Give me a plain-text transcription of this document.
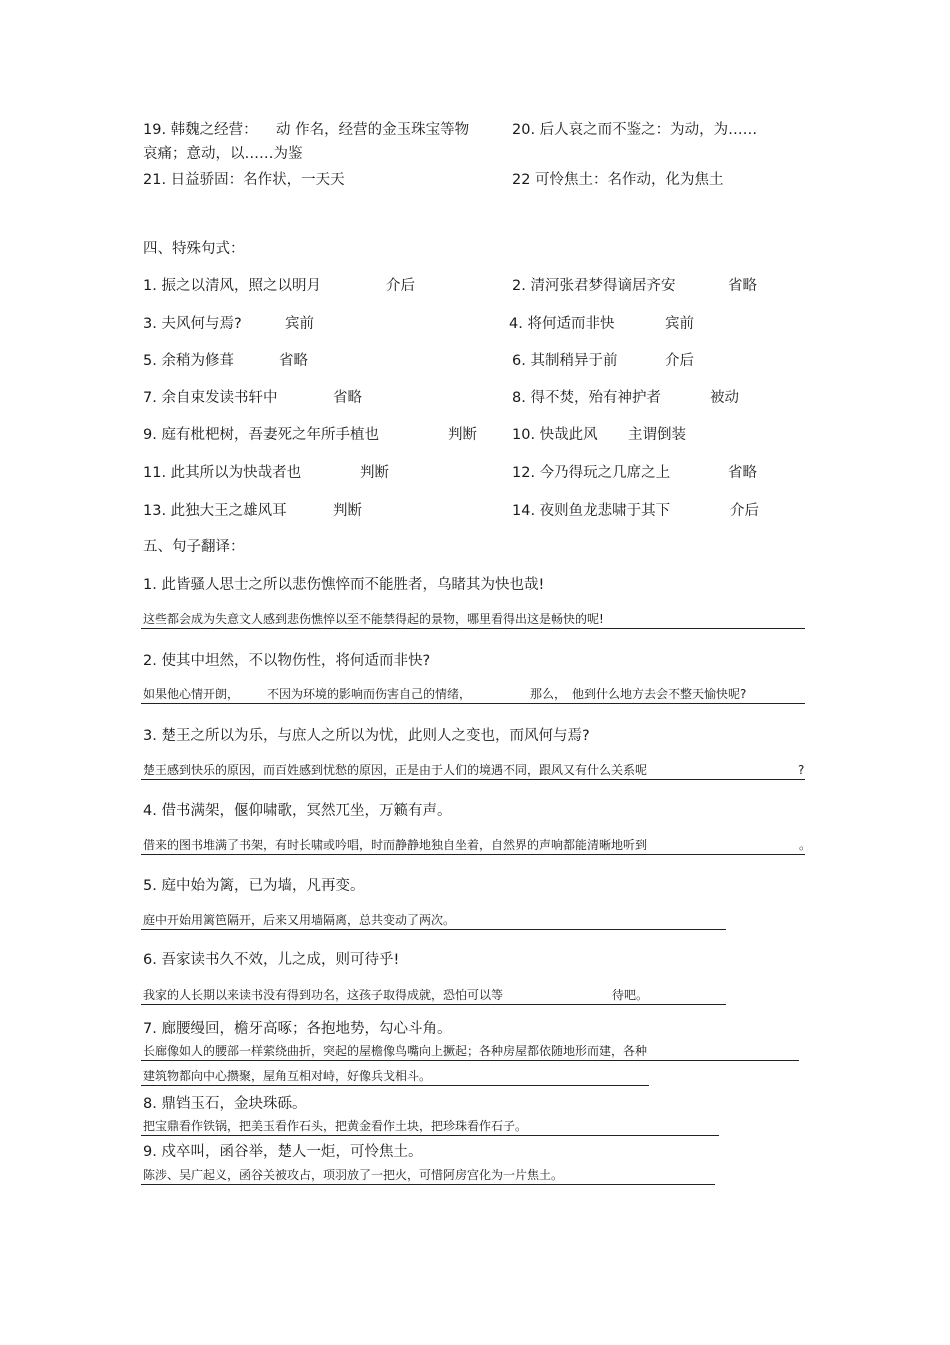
19. 韩魏之经营： 动 作名，经营的金玉珠宝等物	20. 后人哀之而不鉴之：为动，为……
哀痛；意动，以……为鉴
21. 日益骄固：名作状，一天天	22 可怜焦土：名作动，化为焦土
四、特殊句式：
1. 振之以清风，照之以明月	介后	2. 清河张君梦得谪居齐安	省略
3. 夫风何与焉?	宾前	4. 将何适而非快	宾前
5. 余稍为修葺	省略	6. 其制稍异于前	介后
7. 余自束发读书轩中	省略	8. 得不焚，殆有神护者	被动
9. 庭有枇杷树，吾妻死之年所手植也	判断 10. 快哉此风 主谓倒装
11. 此其所以为快哉者也	判断	12. 今乃得玩之几席之上	省略
13. 此独大王之雄风耳	判断	14. 夜则鱼龙悲啸于其下	介后
五、句子翻译：
1. 此皆骚人思士之所以悲伤憔悴而不能胜者，乌睹其为快也哉!
这些都会成为失意文人感到悲伤憔悴以至不能禁得起的景物，哪里看得出这是畅快的呢!
2. 使其中坦然，不以物伤性，将何适而非快?
如果他心情开朗， 不因为环境的影响而伤害自己的情绪，	那么， 他到什么地方去会不整天愉快呢?
3. 楚王之所以为乐，与庶人之所以为忧，此则人之变也，而风何与焉?
楚王感到快乐的原因，而百姓感到忧愁的原因，正是由于人们的境遇不同，跟风又有什么关系呢	?
4. 借书满架，偃仰啸歌，冥然兀坐，万籁有声。
借来的图书堆满了书架，有时长啸或吟唱，时而静静地独自坐着，自然界的声响都能清晰地听到	。
5. 庭中始为篱，已为墙，凡再变。
庭中开始用篱笆隔开，后来又用墙隔离，总共变动了两次。
6. 吾家读书久不效，儿之成，则可待乎!
我家的人长期以来读书没有得到功名，这孩子取得成就，恐怕可以等	待吧。
7. 廊腰缦回，檐牙高啄；各抱地势，勾心斗角。
长廊像如人的腰部一样萦绕曲折，突起的屋檐像鸟嘴向上撅起；各种房屋都依随地形而建，各种
建筑物都向中心攒聚，屋角互相对峙，好像兵戈相斗。
8. 鼎铛玉石，金块珠砾。
把宝鼎看作铁锅，把美玉看作石头，把黄金看作土块，把珍珠看作石子。
9. 戍卒叫，函谷举，楚人一炬，可怜焦土。
陈涉、吴广起义，函谷关被攻占，项羽放了一把火，可惜阿房宫化为一片焦土。
